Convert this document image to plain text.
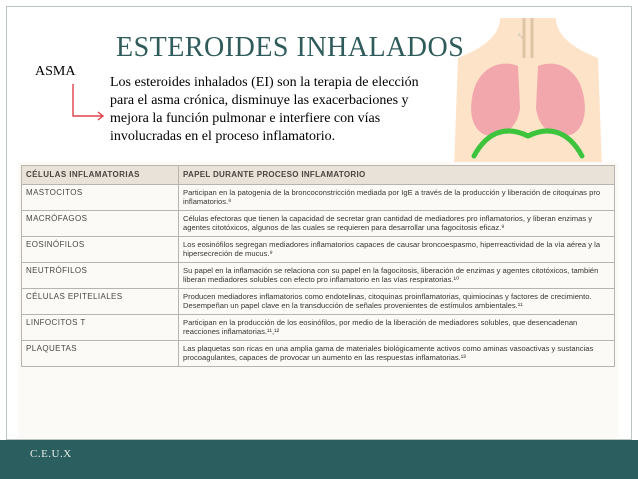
⁰₀
ESTEROIDES INHALADOS
ASMA
Los esteroides inhalados (EI) son la terapia de elección para el asma crónica, disminuye las exacerbaciones y mejora la función pulmonar e interfiere con vías involucradas en el proceso inflamatorio.
CÉLULAS INFLAMATORIAS	PAPEL DURANTE PROCESO INFLAMATORIO
MASTOCITOS	Participan en la patogenia de la broncoconstricción mediada por IgE a través de la producción y liberación de citoquinas pro inflamatorios.⁸
MACRÓFAGOS	Células efectoras que tienen la capacidad de secretar gran cantidad de mediadores pro inflamatorios, y liberan enzimas y agentes citotóxicos, algunos de las cuales se requieren para desarrollar una fagocitosis eficaz.⁹
EOSINÓFILOS	Los eosinófilos segregan mediadores inflamatorios capaces de causar broncoespasmo, hiperreactividad de la vía aérea y la hipersecreción de mucus.⁹
NEUTRÓFILOS	Su papel en la inflamación se relaciona con su papel en la fagocitosis, liberación de enzimas y agentes citotóxicos, también liberan mediadores solubles con efecto pro inflamatorio en las vías respiratorias.¹⁰
CÉLULAS EPITELIALES	Producen mediadores inflamatorios como endotelinas, citoquinas proinflamatorias, quimiocinas y factores de crecimiento. Desempeñan un papel clave en la transducción de señales provenientes de estímulos ambientales.¹¹
LINFOCITOS T	Participan en la producción de los eosinófilos, por medio de la liberación de mediadores solubles, que desencadenan reacciones inflamatorias.¹¹,¹²
PLAQUETAS	Las plaquetas son ricas en una amplia gama de materiales biológicamente activos como aminas vasoactivas y sustancias procoagulantes, capaces de provocar un aumento en las respuestas inflamatorias.¹³
C.E.U.X
